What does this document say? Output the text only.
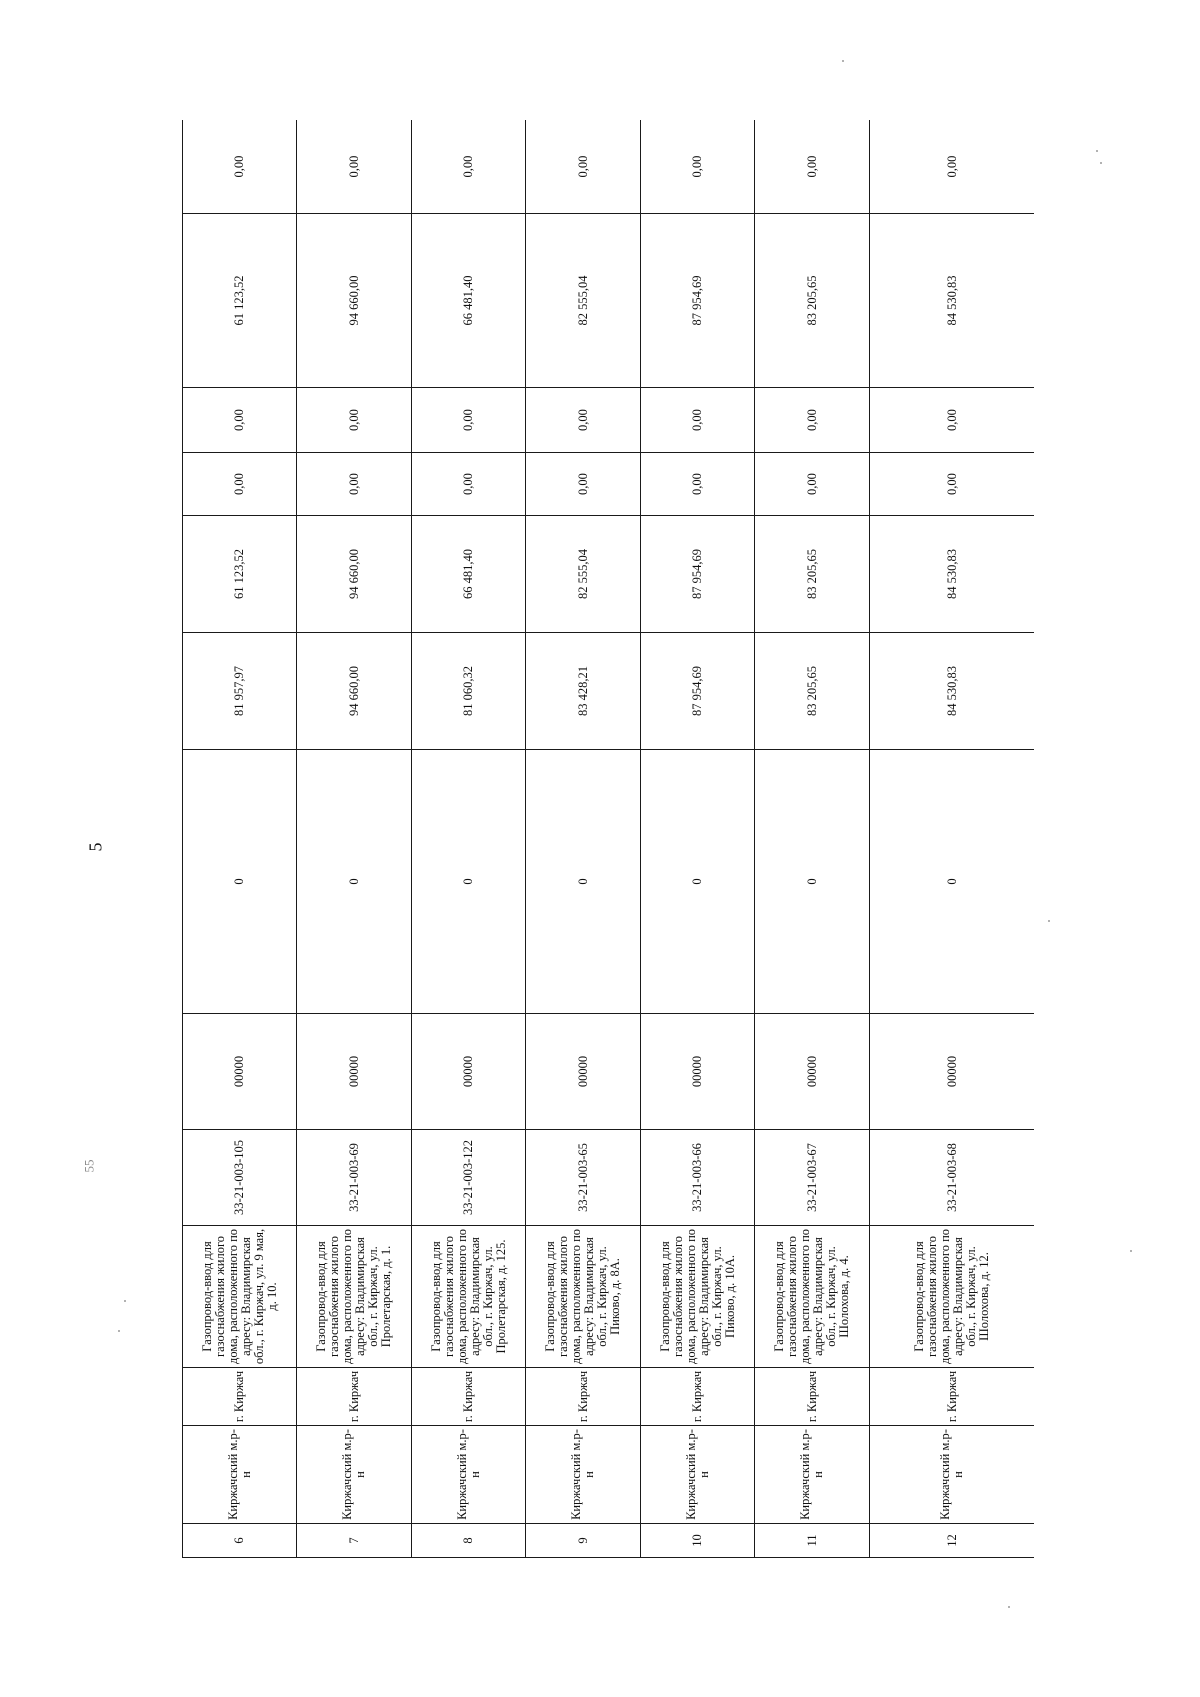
5
55
6	Киржачский м.р-н	г. Киржач	Газопровод-ввод для газоснабжения жилого дома, расположенного по адресу: Владимирская обл., г. Киржач, ул. 9 мая, д. 10.	33-21-003-105	00000	0	81 957,97	61 123,52	0,00	0,00	61 123,52	0,00
7	Киржачский м.р-н	г. Киржач	Газопровод-ввод для газоснабжения жилого дома, расположенного по адресу: Владимирская обл., г. Киржач, ул. Пролетарская, д. 1.	33-21-003-69	00000	0	94 660,00	94 660,00	0,00	0,00	94 660,00	0,00
8	Киржачский м.р-н	г. Киржач	Газопровод-ввод для газоснабжения жилого дома, расположенного по адресу: Владимирская обл., г. Киржач, ул. Пролетарская, д. 125.	33-21-003-122	00000	0	81 060,32	66 481,40	0,00	0,00	66 481,40	0,00
9	Киржачский м.р-н	г. Киржач	Газопровод-ввод для газоснабжения жилого дома, расположенного по адресу: Владимирская обл., г. Киржач, ул. Пиково, д. 8А.	33-21-003-65	00000	0	83 428,21	82 555,04	0,00	0,00	82 555,04	0,00
10	Киржачский м.р-н	г. Киржач	Газопровод-ввод для газоснабжения жилого дома, расположенного по адресу: Владимирская обл., г. Киржач, ул. Пиково, д. 10А.	33-21-003-66	00000	0	87 954,69	87 954,69	0,00	0,00	87 954,69	0,00
11	Киржачский м.р-н	г. Киржач	Газопровод-ввод для газоснабжения жилого дома, расположенного по адресу: Владимирская обл., г. Киржач, ул. Шолохова, д. 4.	33-21-003-67	00000	0	83 205,65	83 205,65	0,00	0,00	83 205,65	0,00
12	Киржачский м.р-н	г. Киржач	Газопровод-ввод для газоснабжения жилого дома, расположенного по адресу: Владимирская обл., г. Киржач, ул. Шолохова, д. 12.	33-21-003-68	00000	0	84 530,83	84 530,83	0,00	0,00	84 530,83	0,00
